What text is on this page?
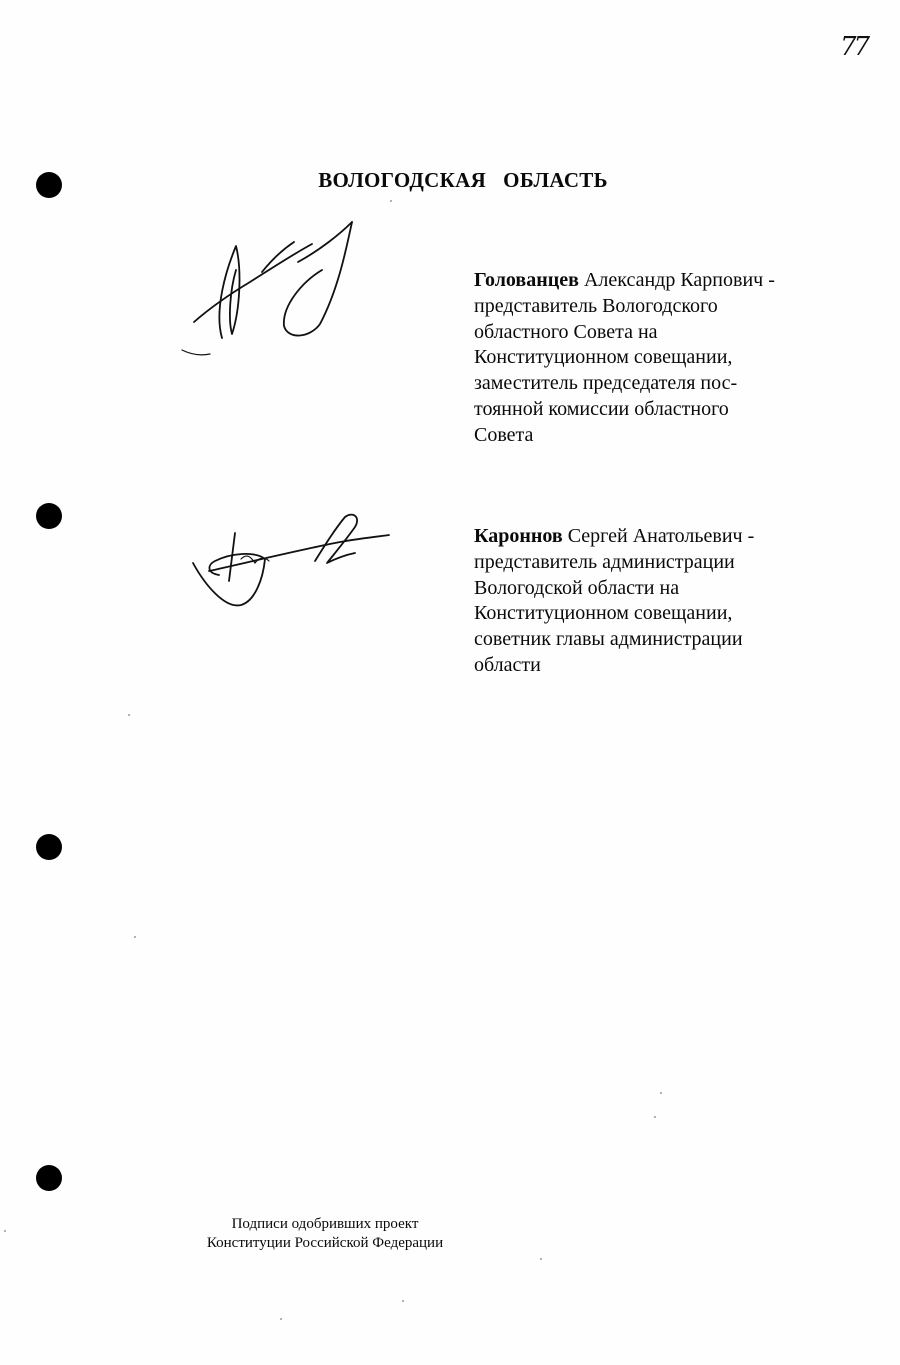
77
ВОЛОГОДСКАЯ  ОБЛАСТЬ

Голованцев Александр Карпович -
представитель Вологодского
областного Совета на
Конституционном совещании,
заместитель председателя пос-
тоянной комиссии областного
Совета

Кароннов Сергей Анатольевич -
представитель администрации
Вологодской области на
Конституционном совещании,
советник главы администрации
области

Подписи одобривших проект
Конституции Российской Федерации
